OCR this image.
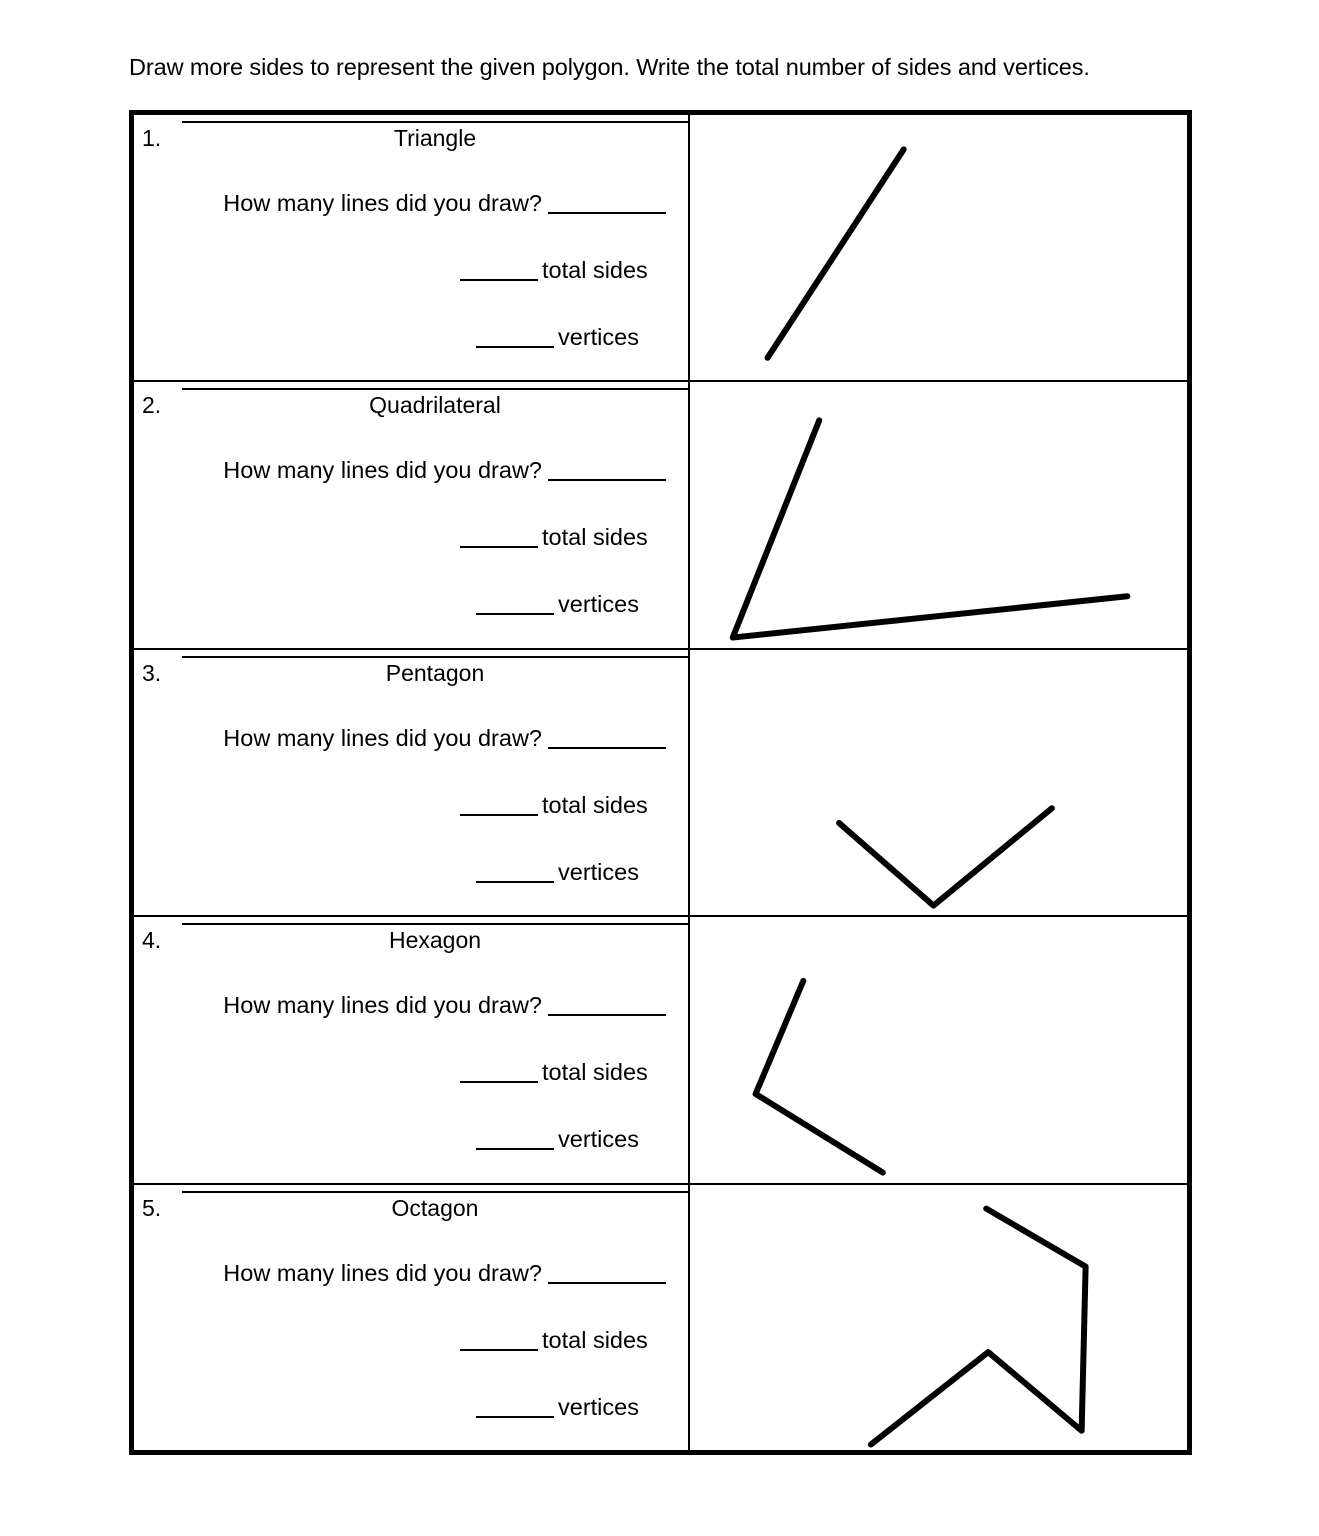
Draw more sides to represent the given polygon. Write the total number of sides and vertices.
1.	Triangle
How many lines did you draw?
total sides
vertices
2.	Quadrilateral
How many lines did you draw?
total sides
vertices
3.	Pentagon
How many lines did you draw?
total sides
vertices
4.	Hexagon
How many lines did you draw?
total sides
vertices
5.	Octagon
How many lines did you draw?
total sides
vertices
